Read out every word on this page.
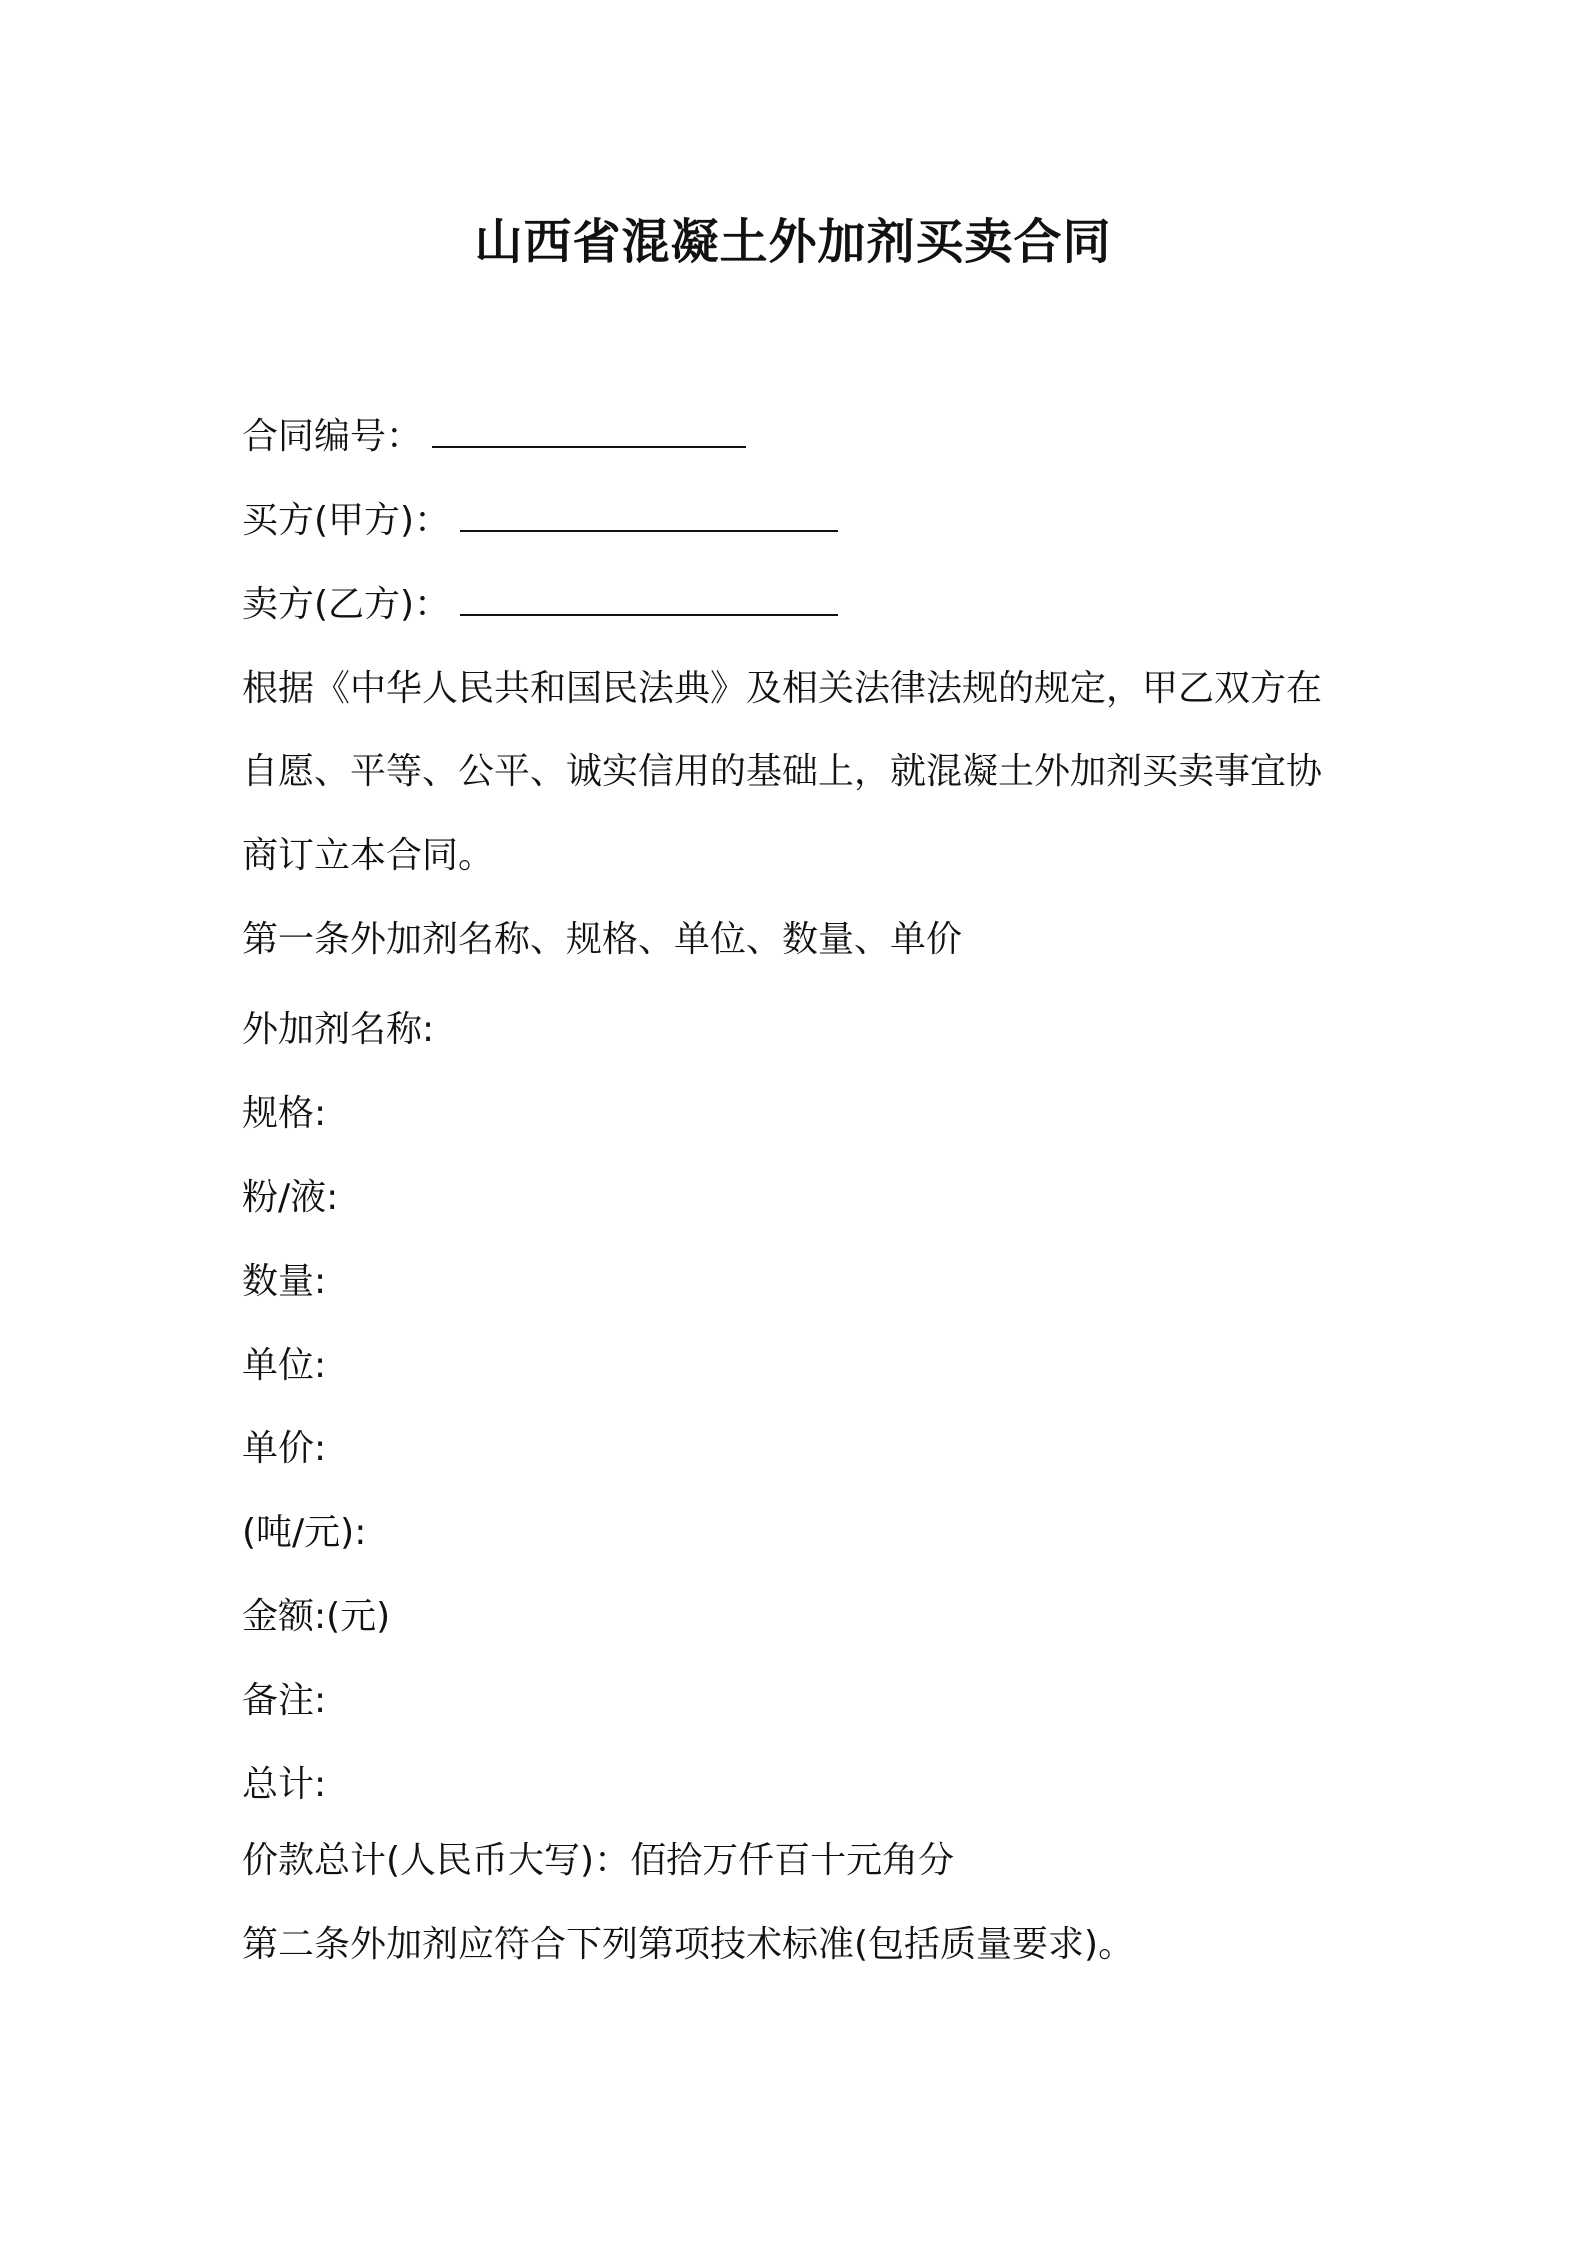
山西省混凝土外加剂买卖合同
合同编号：
买方(甲方)：
卖方(乙方)：
根据《中华人民共和国民法典》及相关法律法规的规定，甲乙双方在
自愿、平等、公平、诚实信用的基础上，就混凝土外加剂买卖事宜协
商订立本合同。
第一条外加剂名称、规格、单位、数量、单价
外加剂名称:
规格:
粉/液:
数量:
单位:
单价:
(吨/元):
金额:(元)
备注:
总计:
价款总计(人民币大写)：佰拾万仟百十元角分
第二条外加剂应符合下列第项技术标准(包括质量要求)。
